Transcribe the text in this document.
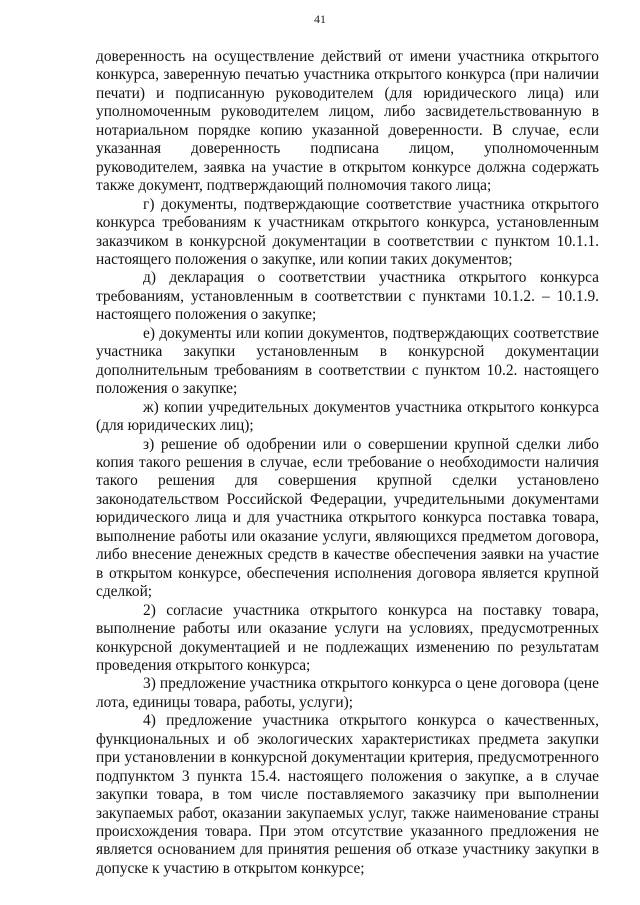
41

доверенность на осуществление действий от имени участника открытого конкурса, заверенную печатью участника открытого конкурса (при наличии печати) и подписанную руководителем (для юридического лица) или уполномоченным руководителем лицом, либо засвидетельствованную в нотариальном порядке копию указанной доверенности. В случае, если указанная доверенность подписана лицом, уполномоченным руководителем, заявка на участие в открытом конкурсе должна содержать также документ, подтверждающий полномочия такого лица;

г) документы, подтверждающие соответствие участника открытого конкурса требованиям к участникам открытого конкурса, установленным заказчиком в конкурсной документации в соответствии с пунктом 10.1.1. настоящего положения о закупке, или копии таких документов;

д) декларация о соответствии участника открытого конкурса требованиям, установленным в соответствии с пунктами 10.1.2. – 10.1.9. настоящего положения о закупке;

е) документы или копии документов, подтверждающих соответствие участника закупки установленным в конкурсной документации дополнительным требованиям в соответствии с пунктом 10.2. настоящего положения о закупке;

ж) копии учредительных документов участника открытого конкурса (для юридических лиц);

з) решение об одобрении или о совершении крупной сделки либо копия такого решения в случае, если требование о необходимости наличия такого решения для совершения крупной сделки установлено законодательством Российской Федерации, учредительными документами юридического лица и для участника открытого конкурса поставка товара, выполнение работы или оказание услуги, являющихся предметом договора, либо внесение денежных средств в качестве обеспечения заявки на участие в открытом конкурсе, обеспечения исполнения договора является крупной сделкой;

2) согласие участника открытого конкурса на поставку товара, выполнение работы или оказание услуги на условиях, предусмотренных конкурсной документацией и не подлежащих изменению по результатам проведения открытого конкурса;

3) предложение участника открытого конкурса о цене договора (цене лота, единицы товара, работы, услуги);

4) предложение участника открытого конкурса о качественных, функциональных и об экологических характеристиках предмета закупки при установлении в конкурсной документации критерия, предусмотренного подпунктом 3 пункта 15.4. настоящего положения о закупке, а в случае закупки товара, в том числе поставляемого заказчику при выполнении закупаемых работ, оказании закупаемых услуг, также наименование страны происхождения товара. При этом отсутствие указанного предложения не является основанием для принятия решения об отказе участнику закупки в допуске к участию в открытом конкурсе;
